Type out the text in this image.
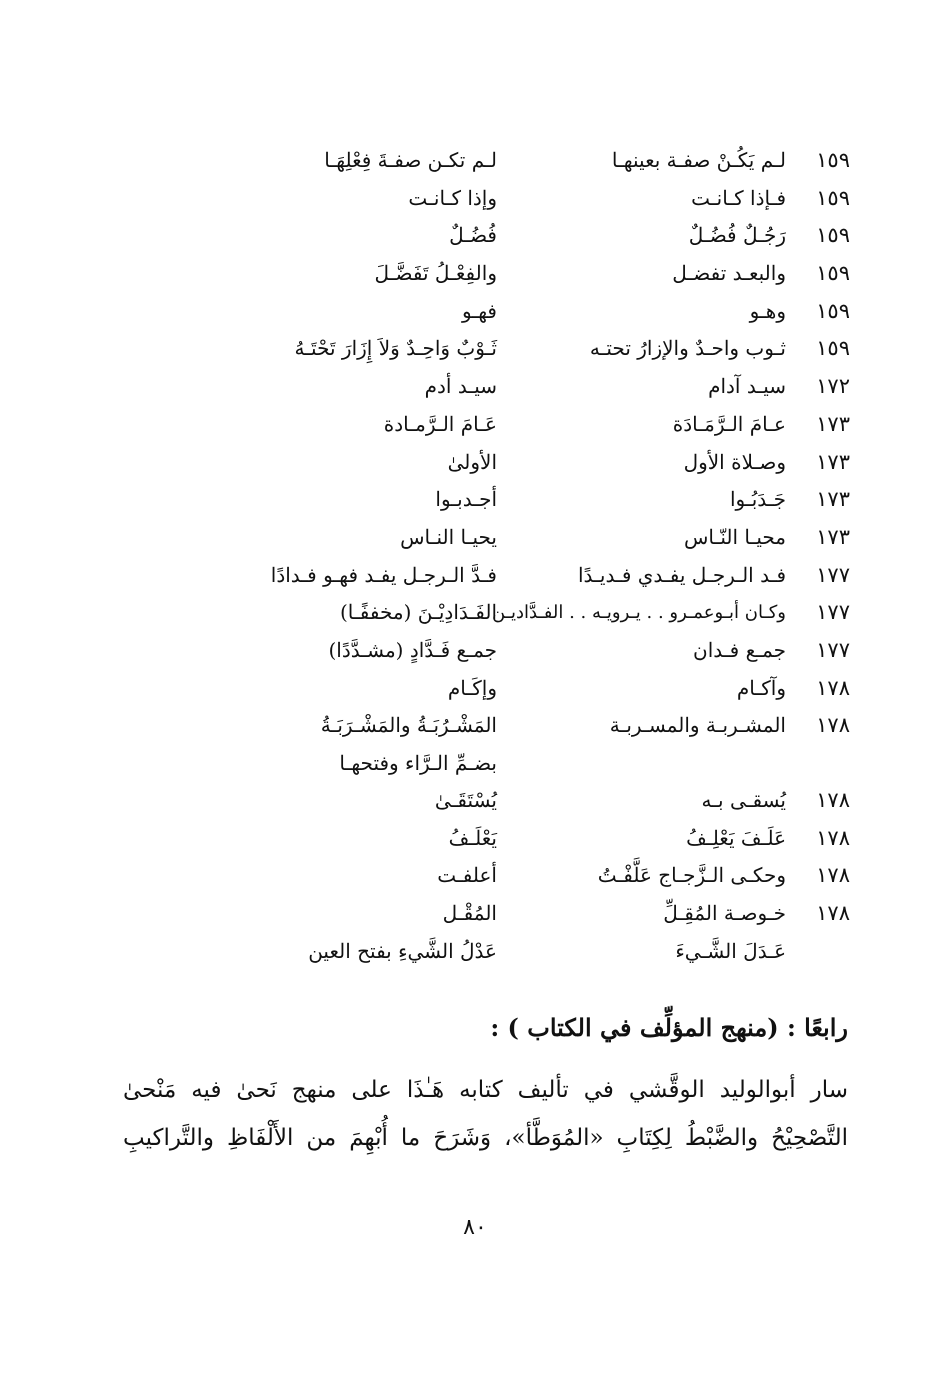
١٥٩
لـم يَكُـنْ صفـة بعينهـا
لـم تكـن صفـةَ فِعْلِهَـا
١٥٩
فـإذا كـانـت
وإذا كـانـت
١٥٩
رَجُـلٌ فُضُـلٌ
فُضُـلٌ
١٥٩
والبعـد تفضـل
والفِعْـلُ تَفَضَّـلَ
١٥٩
وهـو
فهـو
١٥٩
ثـوب واحـدٌ والإزارُ تحتـه
ثَـوْبٌ وَاحِـدٌ وَلاَ إِزَارَ تَحْتَـهُ
١٧٢
سيـد آدام
سيـد أدم
١٧٣
عـامَ الـرَّمَـادَة
عَـامَ الـرَّمـادة
١٧٣
وصـلاة الأول
الأولىٰ
١٧٣
جَـدَبُـوا
أجـدبـوا
١٧٣
محيـا النّـاس
يحيـا النـاس
١٧٧
فـد الـرجـل يفـدي فـديـدًا
فـدَّ الـرجـل يفـد فهـو فـدادًا
١٧٧
وكـان أبـوعمـرو . . يـرويـه . . الفـدَّاديـن
الفَـدَادِيْـنَ (مخففًـا)
١٧٧
جمـع فـدان
جمـع فَـدَّادٍ (مشـدَّدًا)
١٧٨
وآكـام
وإكَـام
١٧٨
المشـربـة والمسـربـة
المَشْـرُبَـةُ والمَشْـرَبَـةُ
بضـمِّ الـرَّاء وفتحهـا
١٧٨
يُسقـى بـه
يُسْتَقَـىٰ
١٧٨
عَلَـفَ يَعْلِـفُ
يَعْلَـفُ
١٧٨
وحكـى الـزَّجـاج عَلَّفْـتُ
أعلفـت
١٧٨
خـوصـة المُقِـلِّ
المُقْـل
عَـدَلَ الشَّـيءَ
عَدْلُ الشَّيءِ بفتح العين
رابعًا : (منهج المؤلِّف في الكتاب ) :
سار أبوالوليد الوقَّشي في تأليف كتابه هَـٰذَا على منهج نَحىٰ فيه مَنْحىٰ
التَّصْحِيْحُ والضَّبْطُ لِكِتَابِ «المُوَطَّأ»، وَشَرَحَ ما أُبْهِمَ من الأَلْفَاظِ والتَّراكيبِ
٨٠
